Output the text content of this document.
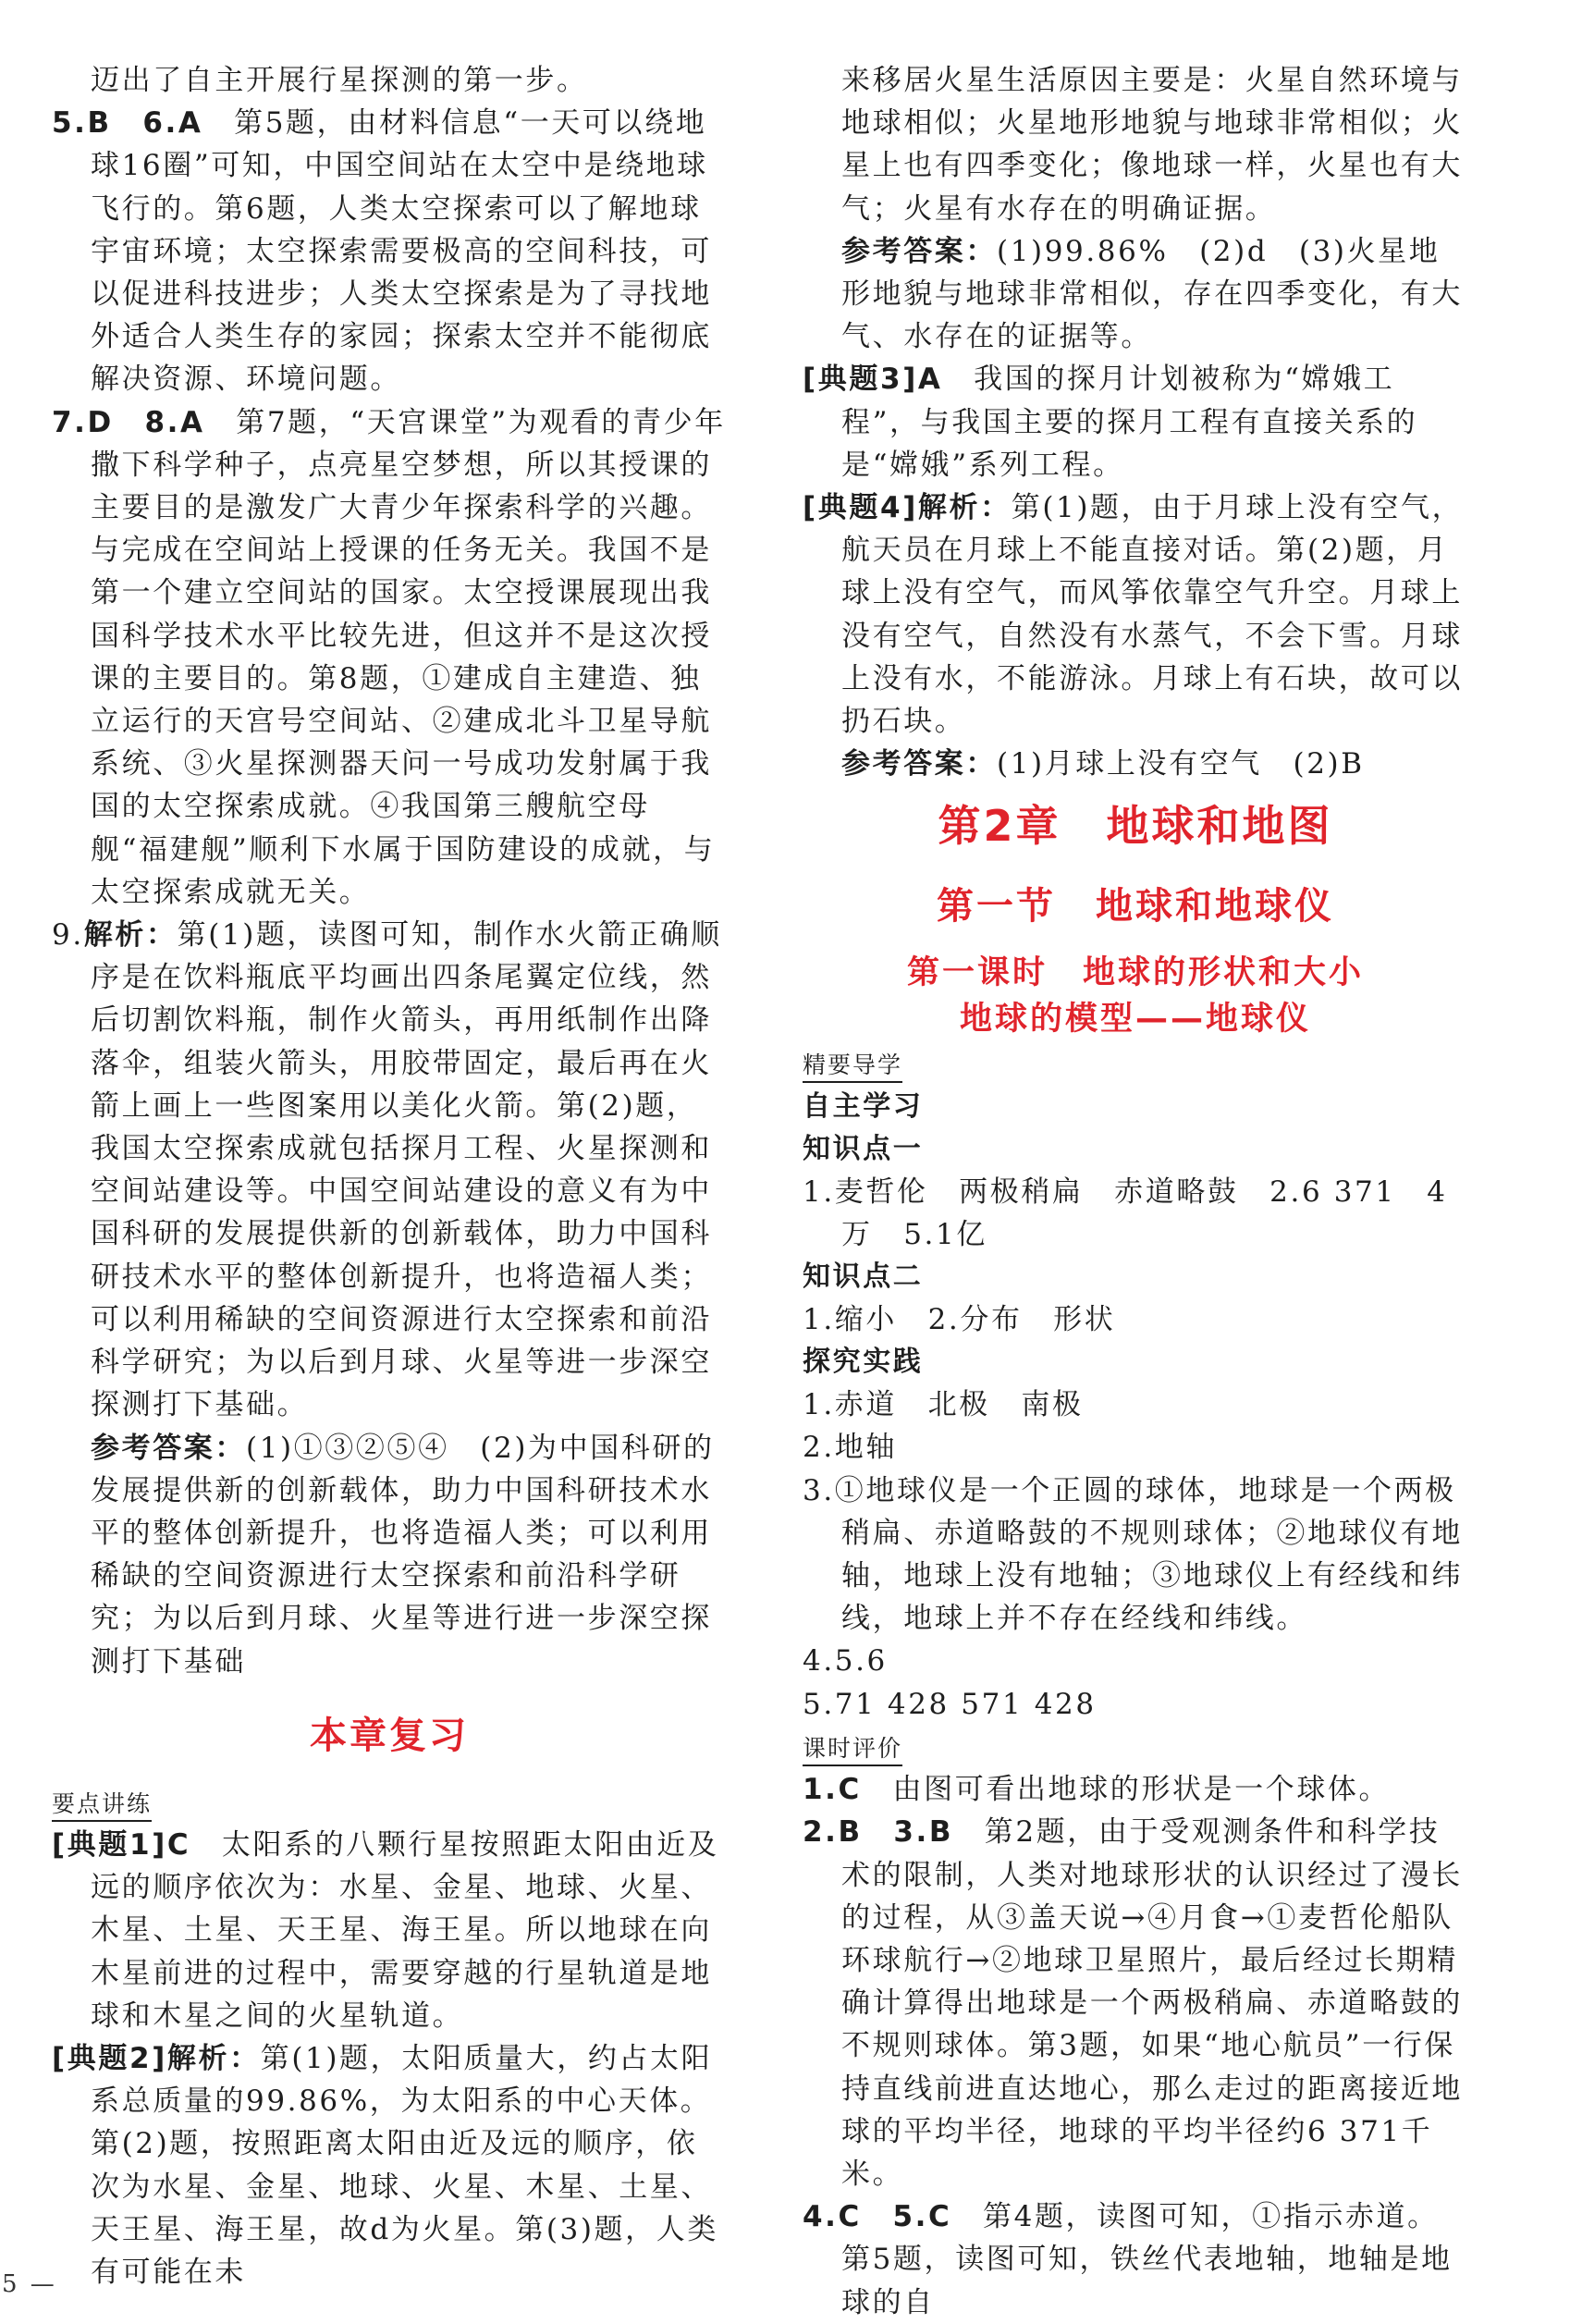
迈出了自主开展行星探测的第一步。

5.B　6.A　第5题，由材料信息“一天可以绕地球16圈”可知，中国空间站在太空中是绕地球飞行的。第6题，人类太空探索可以了解地球宇宙环境；太空探索需要极高的空间科技，可以促进科技进步；人类太空探索是为了寻找地外适合人类生存的家园；探索太空并不能彻底解决资源、环境问题。

7.D　8.A　第7题，“天宫课堂”为观看的青少年撒下科学种子，点亮星空梦想，所以其授课的主要目的是激发广大青少年探索科学的兴趣。与完成在空间站上授课的任务无关。我国不是第一个建立空间站的国家。太空授课展现出我国科学技术水平比较先进，但这并不是这次授课的主要目的。第8题，①建成自主建造、独立运行的天宫号空间站、②建成北斗卫星导航系统、③火星探测器天问一号成功发射属于我国的太空探索成就。④我国第三艘航空母舰“福建舰”顺利下水属于国防建设的成就，与太空探索成就无关。

9.解析：第(1)题，读图可知，制作水火箭正确顺序是在饮料瓶底平均画出四条尾翼定位线，然后切割饮料瓶，制作火箭头，再用纸制作出降落伞，组装火箭头，用胶带固定，最后再在火箭上画上一些图案用以美化火箭。第(2)题，我国太空探索成就包括探月工程、火星探测和空间站建设等。中国空间站建设的意义有为中国科研的发展提供新的创新载体，助力中国科研技术水平的整体创新提升，也将造福人类；可以利用稀缺的空间资源进行太空探索和前沿科学研究；为以后到月球、火星等进一步深空探测打下基础。

参考答案：(1)①③②⑤④　(2)为中国科研的发展提供新的创新载体，助力中国科研技术水平的整体创新提升，也将造福人类；可以利用稀缺的空间资源进行太空探索和前沿科学研究；为以后到月球、火星等进行进一步深空探测打下基础

本章复习
要点讲练

[典题1]C　 太阳系的八颗行星按照距太阳由近及远的顺序依次为：水星、金星、地球、火星、木星、土星、天王星、海王星。所以地球在向木星前进的过程中，需要穿越的行星轨道是地球和木星之间的火星轨道。

[典题2]解析：第(1)题，太阳质量大，约占太阳系总质量的99.86%，为太阳系的中心天体。第(2)题，按照距离太阳由近及远的顺序，依次为水星、金星、地球、火星、木星、土星、天王星、海王星，故d为火星。第(3)题，人类有可能在未

来移居火星生活原因主要是：火星自然环境与地球相似；火星地形地貌与地球非常相似；火星上也有四季变化；像地球一样，火星也有大气；火星有水存在的明确证据。

参考答案：(1)99.86%　(2)d　(3)火星地形地貌与地球非常相似，存在四季变化，有大气、水存在的证据等。

[典题3]A　 我国的探月计划被称为“嫦娥工程”，与我国主要的探月工程有直接关系的是“嫦娥”系列工程。

[典题4]解析：第(1)题，由于月球上没有空气，航天员在月球上不能直接对话。第(2)题，月球上没有空气，而风筝依靠空气升空。月球上没有空气，自然没有水蒸气，不会下雪。月球上没有水，不能游泳。月球上有石块，故可以扔石块。

参考答案：(1)月球上没有空气　(2)B

第2章　地球和地图
第一节　地球和地球仪
第一课时　地球的形状和大小
地球的模型——地球仪
精要导学
自主学习
知识点一

1.麦哲伦　两极稍扁　赤道略鼓　2.6 371　4万　5.1亿

知识点二

1.缩小　2.分布　形状

探究实践

1.赤道　北极　南极

2.地轴

3.①地球仪是一个正圆的球体，地球是一个两极稍扁、赤道略鼓的不规则球体；②地球仪有地轴，地球上没有地轴；③地球仪上有经线和纬线，地球上并不存在经线和纬线。

4.5.6

5.71 428 571 428

课时评价

1.C　 由图可看出地球的形状是一个球体。

2.B　3.B　 第2题，由于受观测条件和科学技术的限制，人类对地球形状的认识经过了漫长的过程，从③盖天说→④月食→①麦哲伦船队环球航行→②地球卫星照片，最后经过长期精确计算得出地球是一个两极稍扁、赤道略鼓的不规则球体。第3题，如果“地心航员”一行保持直线前进直达地心，那么走过的距离接近地球的平均半径，地球的平均半径约6 371千米。

4.C　5.C　 第4题，读图可知，①指示赤道。第5题，读图可知，铁丝代表地轴，地轴是地球的自

5 —
